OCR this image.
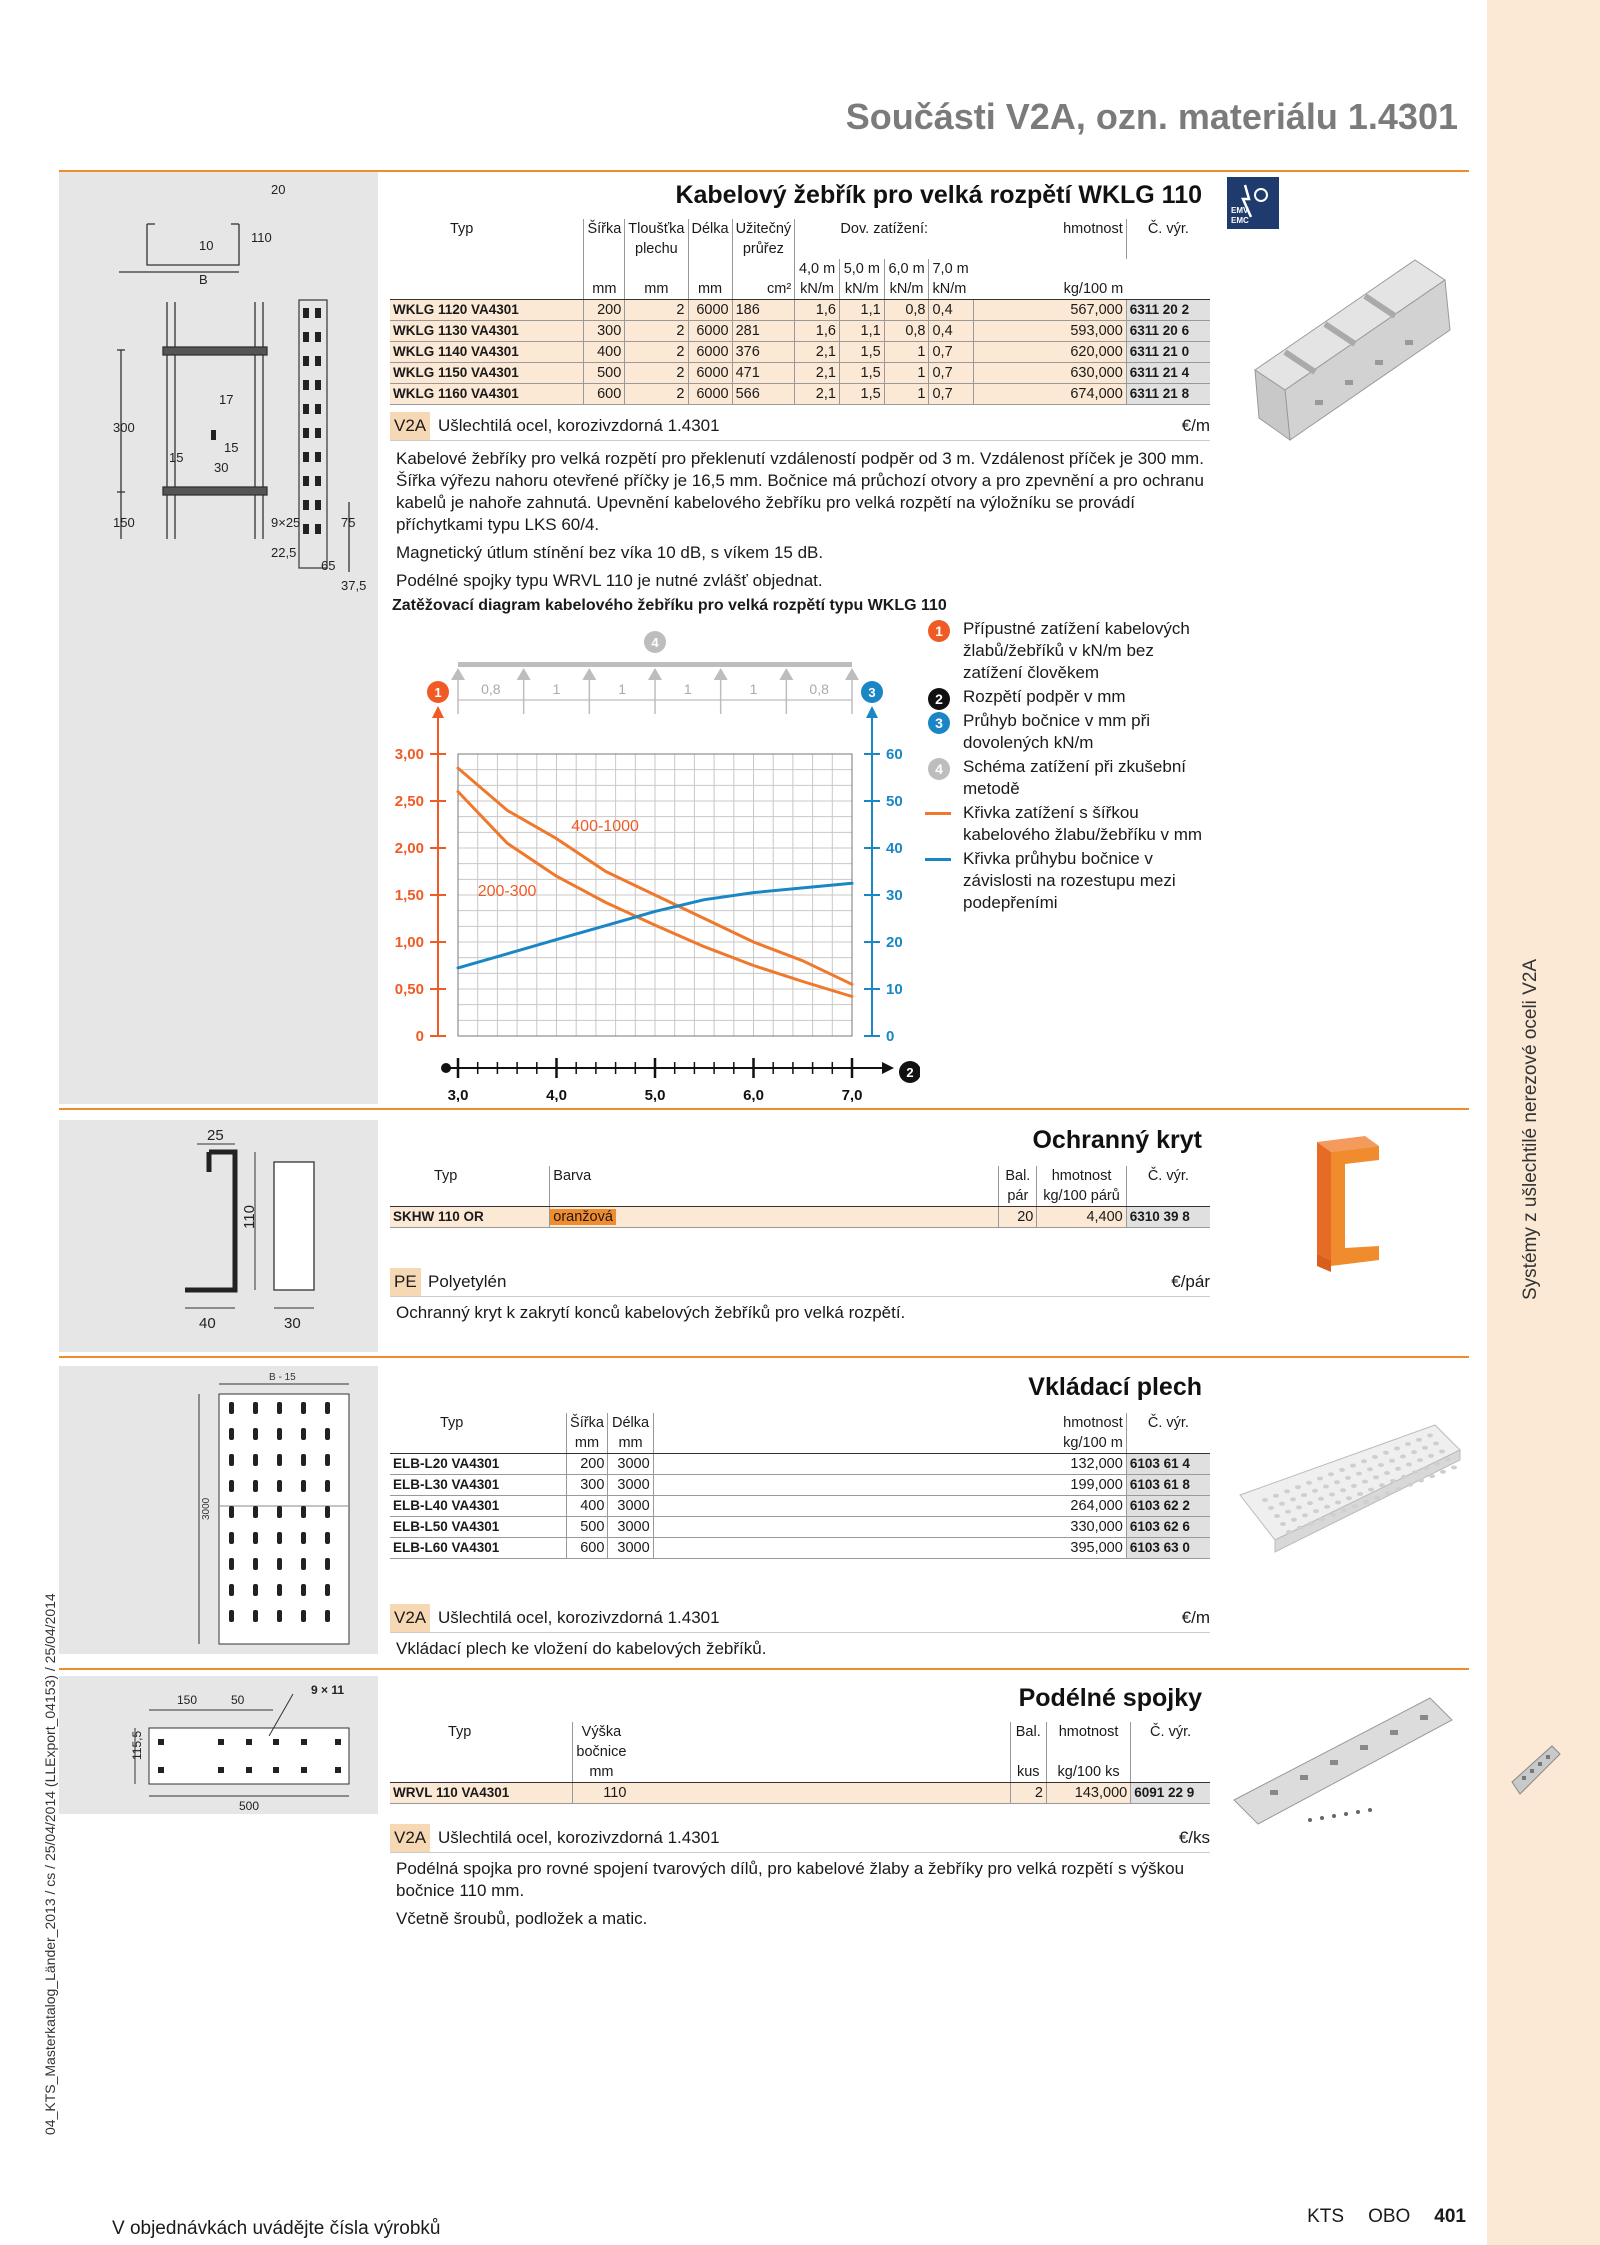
Systémy z ušlechtilé nerezové oceli V2A
04_KTS_Masterkatalog_Länder_2013 / cs / 25/04/2014 (LLExport_04153) / 25/04/2014
Součásti V2A, ozn. materiálu 1.4301
20
10
110
B
300
150
17
15
15
30
9×25
22,5
65
37,5
75
Kabelový žebřík pro velká rozpětí WKLG 110
EMV
EMC
Typ	Šířka	Tloušťka plechu	Délka	Užitečný průřez	Dov. zatížení:				hmotnost	Č. výr.
					4,0 m	5,0 m	6,0 m	7,0 m		
	mm	mm	mm	cm²	kN/m	kN/m	kN/m	kN/m	kg/100 m	
WKLG 1120 VA4301	200	2	6000	186	1,6	1,1	0,8	0,4	567,000	6311 20 2
WKLG 1130 VA4301	300	2	6000	281	1,6	1,1	0,8	0,4	593,000	6311 20 6
WKLG 1140 VA4301	400	2	6000	376	2,1	1,5	1	0,7	620,000	6311 21 0
WKLG 1150 VA4301	500	2	6000	471	2,1	1,5	1	0,7	630,000	6311 21 4
WKLG 1160 VA4301	600	2	6000	566	2,1	1,5	1	0,7	674,000	6311 21 8
V2A Ušlechtilá ocel, korozivzdorná 1.4301	€/m

Kabelové žebříky pro velká rozpětí pro překlenutí vzdáleností podpěr od 3 m. Vzdálenost příček je 300 mm. Šířka výřezu nahoru otevřené příčky je 16,5 mm. Bočnice má průchozí otvory a pro zpevnění a pro ochranu kabelů je nahoře zahnutá. Upevnění kabelového žebříku pro velká rozpětí na výložníku se provádí příchytkami typu LKS 60/4.

Magnetický útlum stínění bez víka 10 dB, s víkem 15 dB.

Podélné spojky typu WRVL 110 je nutné zvlášť objednat.

Zatěžovací diagram kabelového žebříku pro velká rozpětí typu WKLG 110
1
0
0,50
1,00
1,50
2,00
2,50
3,00
3
0
10
20
30
40
50
60
2
3,0	4,0	5,0	6,0	7,0
4
0,8	1	1	1	1	0,8
400-1000
200-300
1	Přípustné zatížení kabelových žlabů/žebříků v kN/m bez zatížení člověkem
2	Rozpětí podpěr v mm
3	Průhyb bočnice v mm při dovolených kN/m
4	Schéma zatížení při zkušební metodě
Křivka zatížení s šířkou kabelového žlabu/žebříku v mm
Křivka průhybu bočnice v závislosti na rozestupu mezi podepřeními
25
110
40	30
Ochranný kryt
Typ	Barva	Bal.	hmotnost	Č. výr.

		pár	kg/100 párů	
SKHW 110 OR	oranžová	20	4,400	6310 39 8
PE Polyetylén	€/pár

Ochranný kryt k zakrytí konců kabelových žebříků pro velká rozpětí.

B - 15
3000
Vkládací plech
Typ	Šířka	Délka	hmotnost	Č. výr.

	mm	mm	kg/100 m	
ELB-L20 VA4301	200	3000	132,000	6103 61 4
ELB-L30 VA4301	300	3000	199,000	6103 61 8
ELB-L40 VA4301	400	3000	264,000	6103 62 2
ELB-L50 VA4301	500	3000	330,000	6103 62 6
ELB-L60 VA4301	600	3000	395,000	6103 63 0
V2A Ušlechtilá ocel, korozivzdorná 1.4301	€/m

Vkládací plech ke vložení do kabelových žebříků.

150	50
9 × 11
115,5
500
Podélné spojky
Typ	Výška bočnice		Bal.	hmotnost	Č. výr.
	mm		kus	kg/100 ks	
WRVL 110 VA4301	110		2	143,000	6091 22 9
V2A Ušlechtilá ocel, korozivzdorná 1.4301	€/ks

Podélná spojka pro rovné spojení tvarových dílů, pro kabelové žlaby a žebříky pro velká rozpětí s výškou bočnice 110 mm.

Včetně šroubů, podložek a matic.

V objednávkách uvádějte čísla výrobků
KTS OBO 401
